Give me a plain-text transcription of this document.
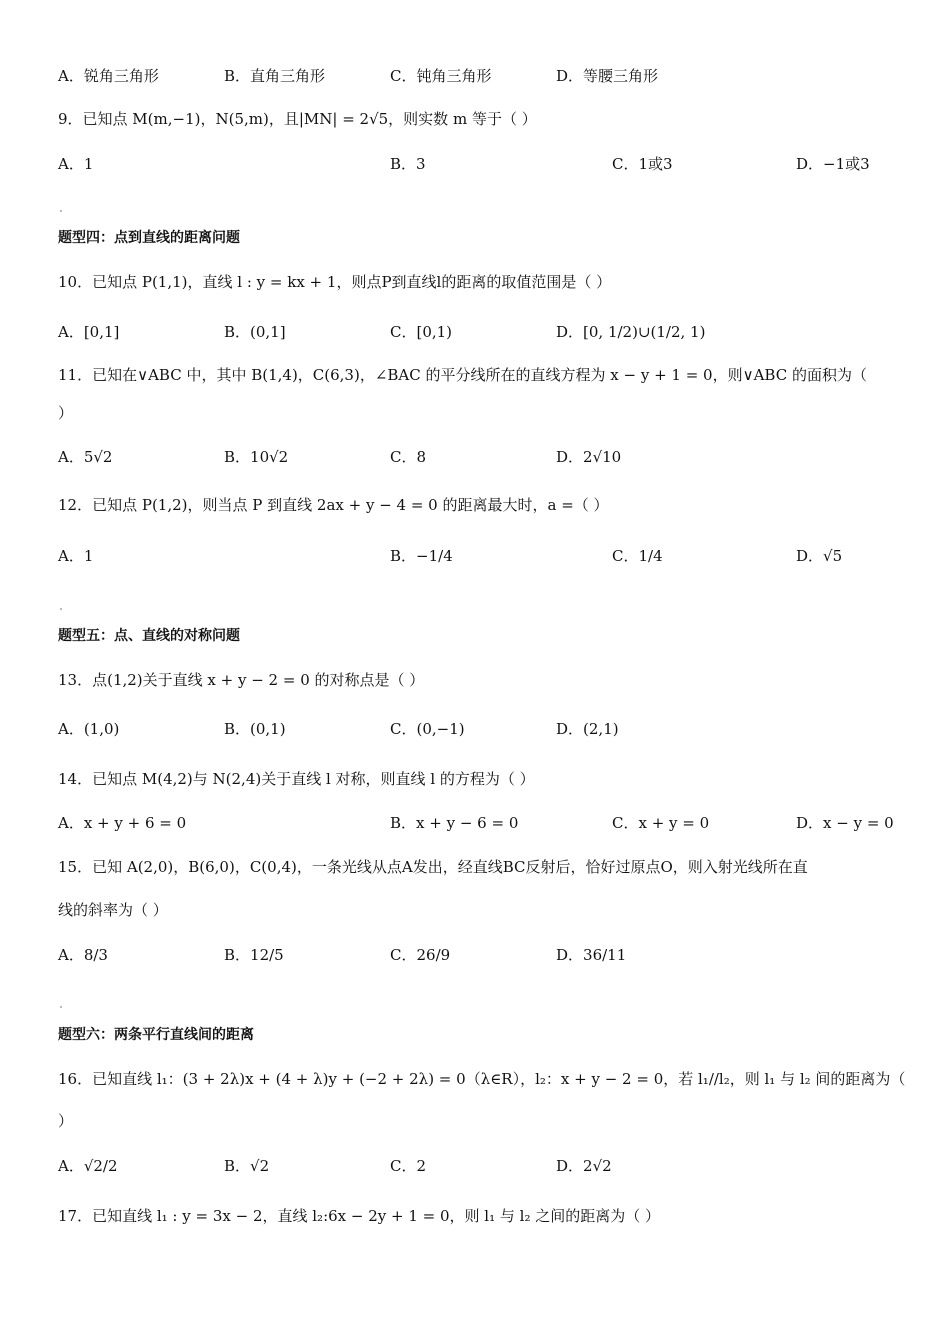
A．锐角三角形	B．直角三角形	C．钝角三角形	D．等腰三角形
9．已知点 M(m,−1)，N(5,m)，且|MN| = 2√5，则实数 m 等于（ ）
A．1	B．3	C．1或3	D．−1或3
题型四：点到直线的距离问题
10．已知点 P(1,1)，直线 l : y = kx + 1，则点P到直线l的距离的取值范围是（ ）
A．[0,1]	B．(0,1]	C．[0,1)	D．[0, 1/2)∪(1/2, 1)
11．已知在∨ABC 中，其中 B(1,4)，C(6,3)，∠BAC 的平分线所在的直线方程为 x − y + 1 = 0，则∨ABC 的面积为（
）
A．5√2	B．10√2	C．8	D．2√10
12．已知点 P(1,2)，则当点 P 到直线 2ax + y − 4 = 0 的距离最大时，a =（ ）
A．1	B．−1/4	C．1/4	D．√5
题型五：点、直线的对称问题
13．点(1,2)关于直线 x + y − 2 = 0 的对称点是（ ）
A．(1,0)	B．(0,1)	C．(0,−1)	D．(2,1)
14．已知点 M(4,2)与 N(2,4)关于直线 l 对称，则直线 l 的方程为（ ）
A．x + y + 6 = 0	B．x + y − 6 = 0	C．x + y = 0	D．x − y = 0
15．已知 A(2,0)，B(6,0)，C(0,4)，一条光线从点A发出，经直线BC反射后，恰好过原点O，则入射光线所在直
线的斜率为（ ）
A．8/3	B．12/5	C．26/9	D．36/11
题型六：两条平行直线间的距离
16．已知直线 l₁：(3 + 2λ)x + (4 + λ)y + (−2 + 2λ) = 0（λ∈R），l₂：x + y − 2 = 0，若 l₁//l₂，则 l₁ 与 l₂ 间的距离为（
）
A．√2/2	B．√2	C．2	D．2√2
17．已知直线 l₁ : y = 3x − 2，直线 l₂:6x − 2y + 1 = 0，则 l₁ 与 l₂ 之间的距离为（ ）
